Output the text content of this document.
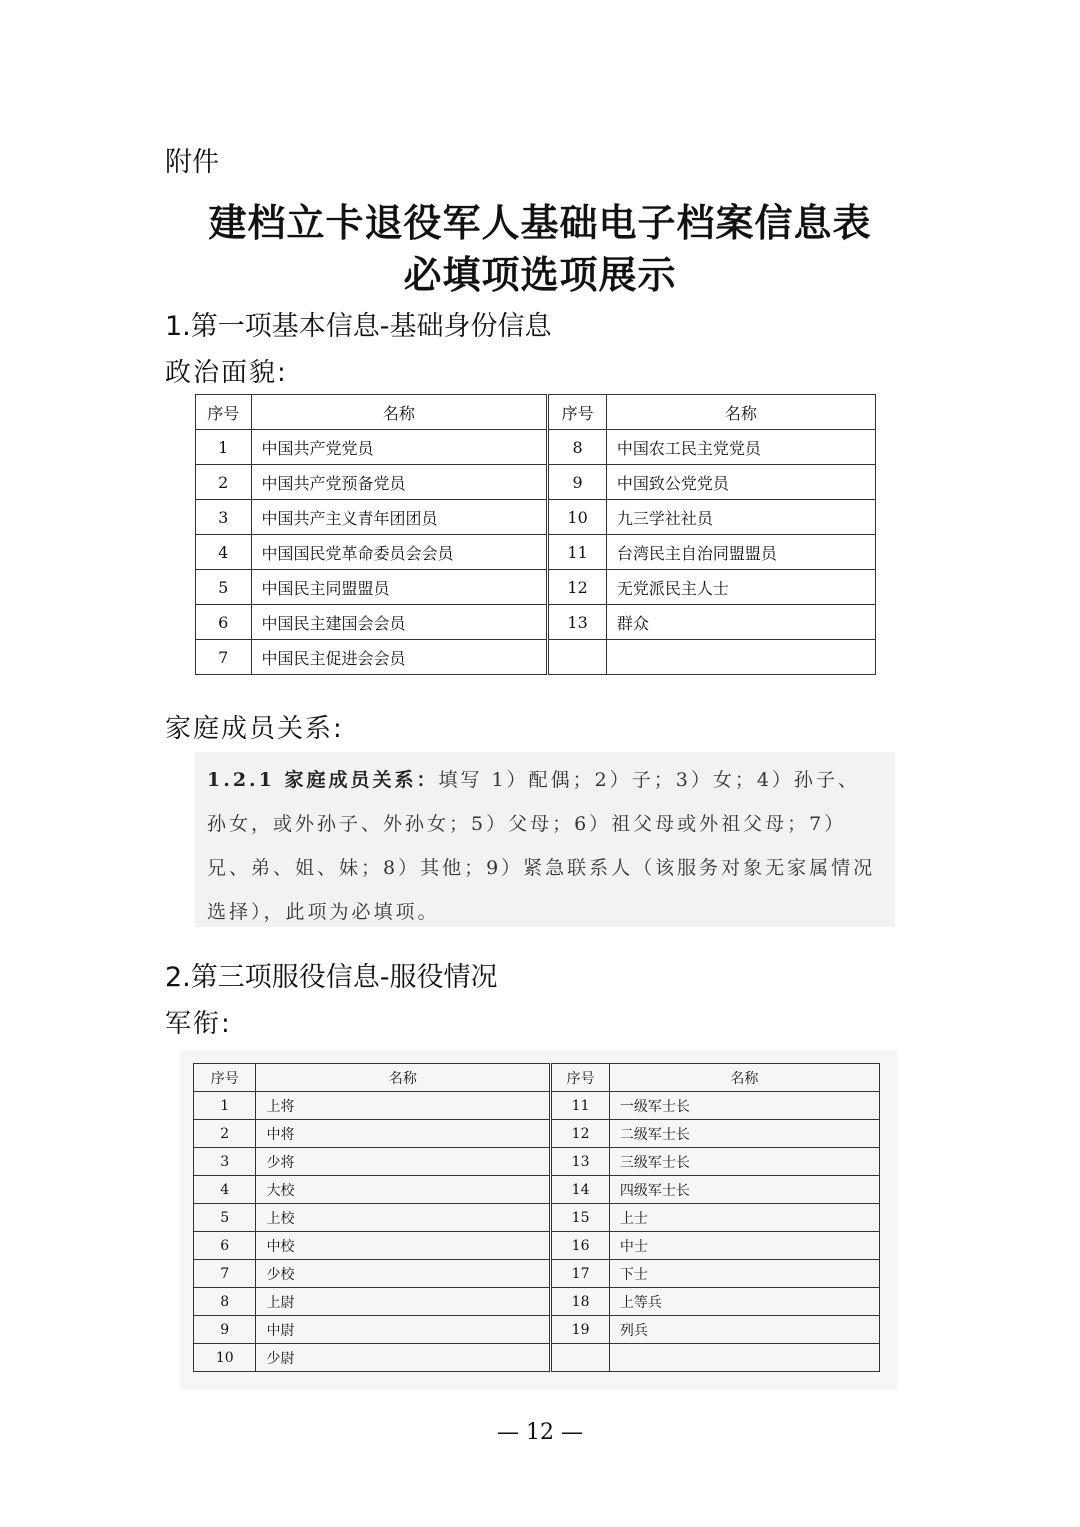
附件
建档立卡退役军人基础电子档案信息表
必填项选项展示
1.第一项基本信息-基础身份信息
政治面貌:
序号	名称	序号	名称
1	中国共产党党员	8	中国农工民主党党员
2	中国共产党预备党员	9	中国致公党党员
3	中国共产主义青年团团员	10	九三学社社员
4	中国国民党革命委员会会员	11	台湾民主自治同盟盟员
5	中国民主同盟盟员	12	无党派民主人士
6	中国民主建国会会员	13	群众
7	中国民主促进会会员		
家庭成员关系:
1.2.1 家庭成员关系：填写 1）配偶；2）子；3）女；4）孙子、孙女，或外孙子、外孙女；5）父母；6）祖父母或外祖父母；7）兄、弟、姐、妹；8）其他；9）紧急联系人（该服务对象无家属情况选择），此项为必填项。
2.第三项服役信息-服役情况
军衔:
序号	名称	序号	名称
1	上将	11	一级军士长
2	中将	12	二级军士长
3	少将	13	三级军士长
4	大校	14	四级军士长
5	上校	15	上士
6	中校	16	中士
7	少校	17	下士
8	上尉	18	上等兵
9	中尉	19	列兵
10	少尉		
— 12 —
